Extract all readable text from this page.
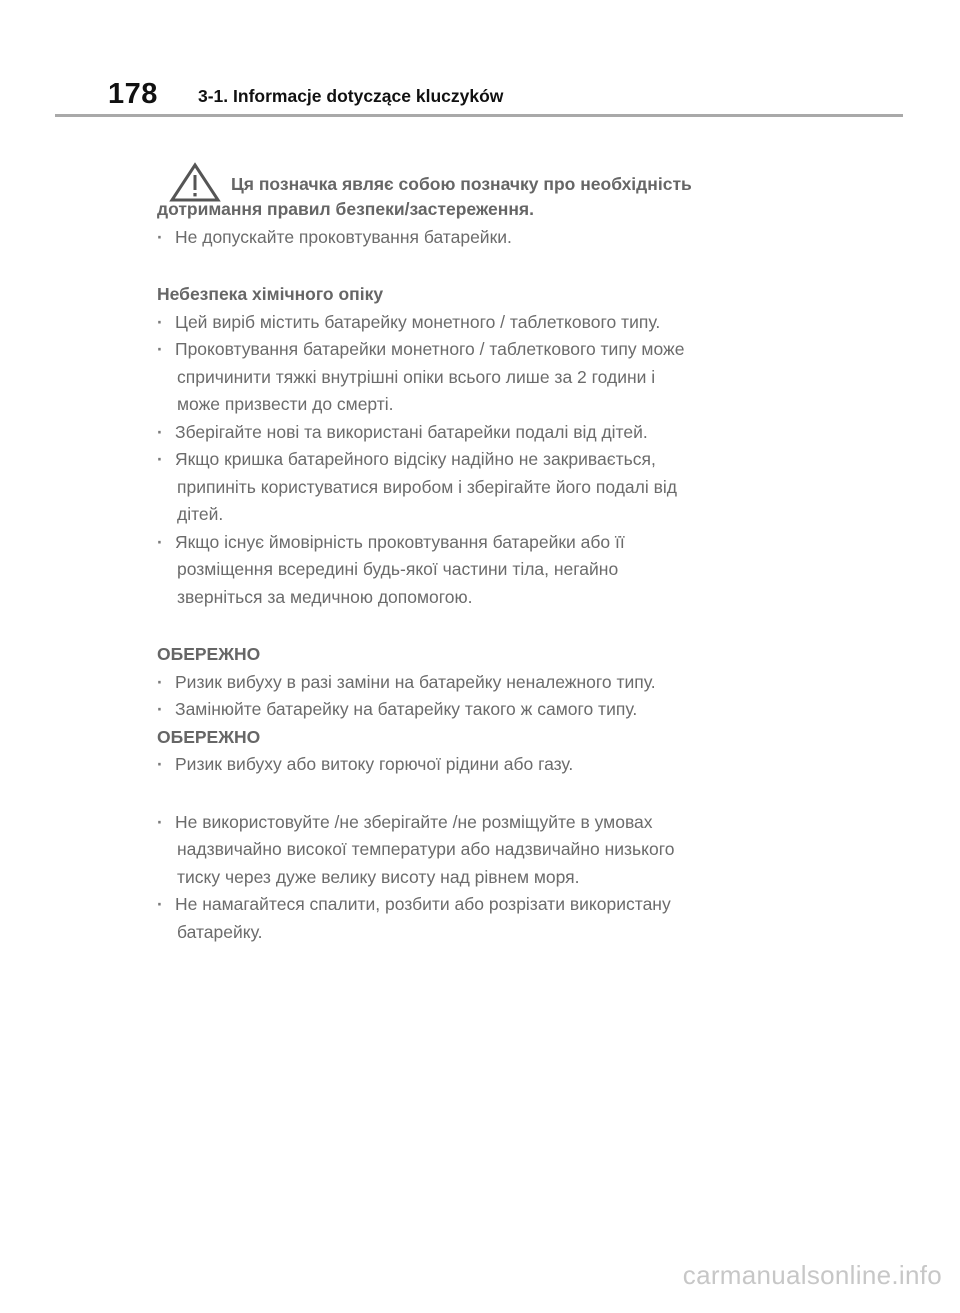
178 3-1. Informacje dotyczące kluczyków
Ця позначка являє собою позначку про необхідність
дотримання правил безпеки/застереження.
· Не допускайте проковтування батарейки.
Небезпека хімічного опіку
· Цей виріб містить батарейку монетного / таблеткового типу.
· Проковтування батарейки монетного / таблеткового типу може
спричинити тяжкі внутрішні опіки всього лише за 2 години і
може призвести до смерті.
· Зберігайте нові та використані батарейки подалі від дітей.
· Якщо кришка батарейного відсіку надійно не закривається,
припиніть користуватися виробом і зберігайте його подалі від
дітей.
· Якщо існує ймовірність проковтування батарейки або її
розміщення всередині будь-якої частини тіла, негайно
зверніться за медичною допомогою.
ОБЕРЕЖНО
· Ризик вибуху в разі заміни на батарейку неналежного типу.
· Замінюйте батарейку на батарейку такого ж самого типу.
ОБЕРЕЖНО
· Ризик вибуху або витоку горючої рідини або газу.
· Не використовуйте /не зберігайте /не розміщуйте в умовах
надзвичайно високої температури або надзвичайно низького
тиску через дуже велику висоту над рівнем моря.
· Не намагайтеся спалити, розбити або розрізати використану
батарейку.
carmanualsonline.info
